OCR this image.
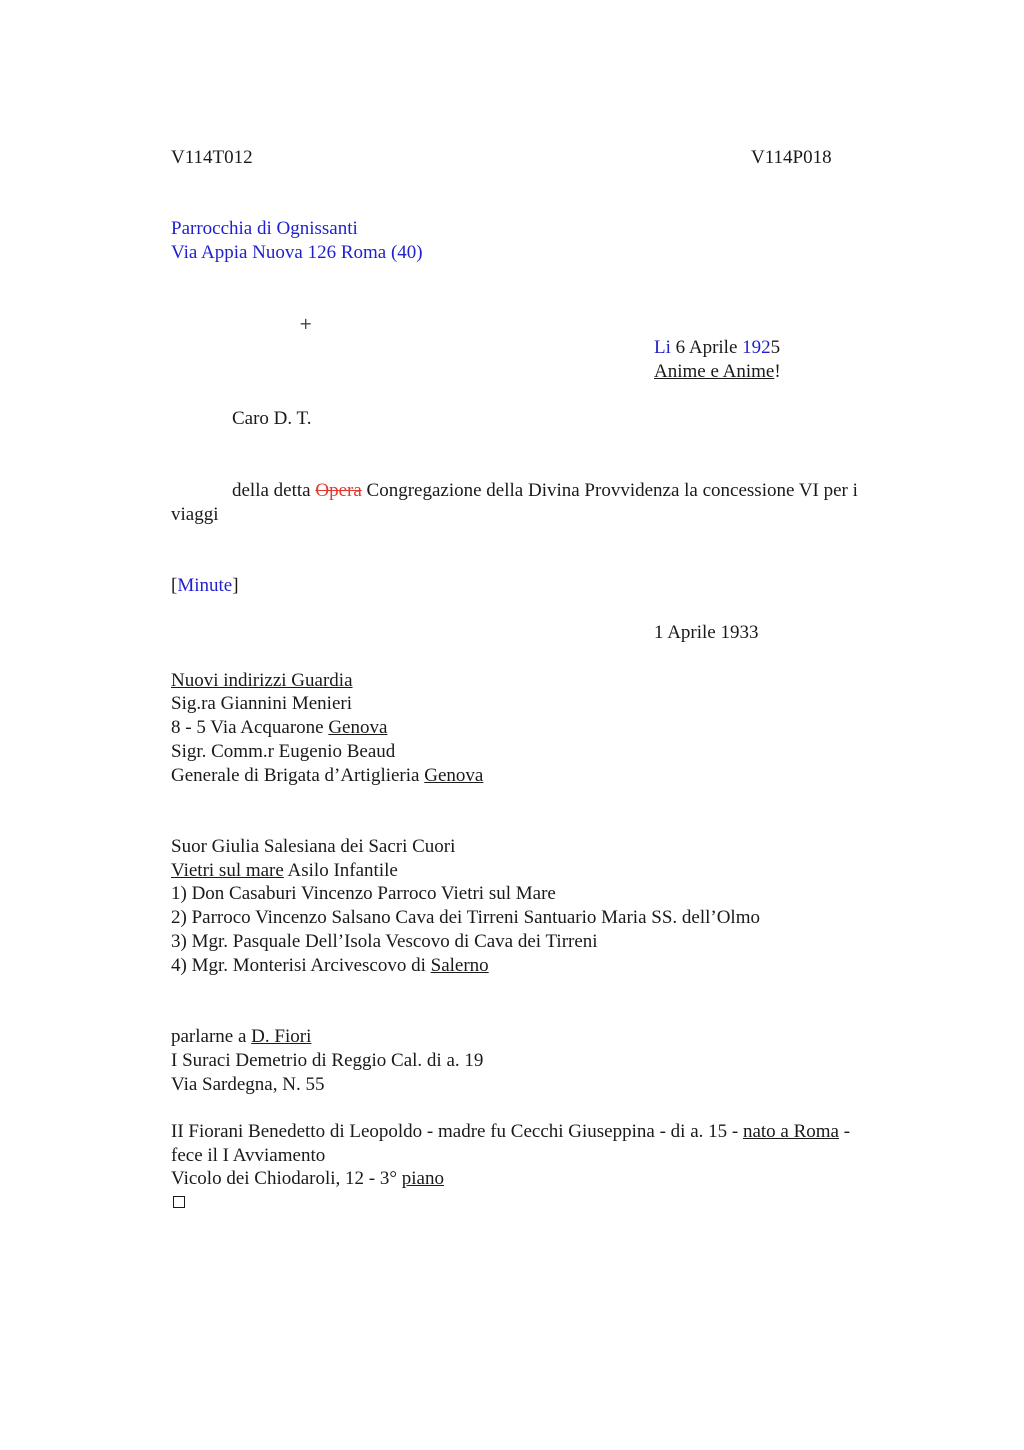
V114T012	V114P018
Parrocchia di Ognissanti
Via Appia Nuova 126 Roma (40)
+
Li 6 Aprile 1925
Anime e Anime!
Caro D. T.
della detta Opera Congregazione della Divina Provvidenza la concessione VI per i
viaggi
[Minute]
1 Aprile 1933
Nuovi indirizzi Guardia
Sig.ra Giannini Menieri
8 - 5 Via Acquarone Genova
Sigr. Comm.r Eugenio Beaud
Generale di Brigata d’Artiglieria Genova
Suor Giulia Salesiana dei Sacri Cuori
Vietri sul mare Asilo Infantile
1) Don Casaburi Vincenzo Parroco Vietri sul Mare
2) Parroco Vincenzo Salsano Cava dei Tirreni Santuario Maria SS. dell’Olmo
3) Mgr. Pasquale Dell’Isola Vescovo di Cava dei Tirreni
4) Mgr. Monterisi Arcivescovo di Salerno
parlarne a D. Fiori
I Suraci Demetrio di Reggio Cal. di a. 19
Via Sardegna, N. 55
II Fiorani Benedetto di Leopoldo - madre fu Cecchi Giuseppina - di a. 15 - nato a Roma -
fece il I Avviamento
Vicolo dei Chiodaroli, 12 - 3° piano
